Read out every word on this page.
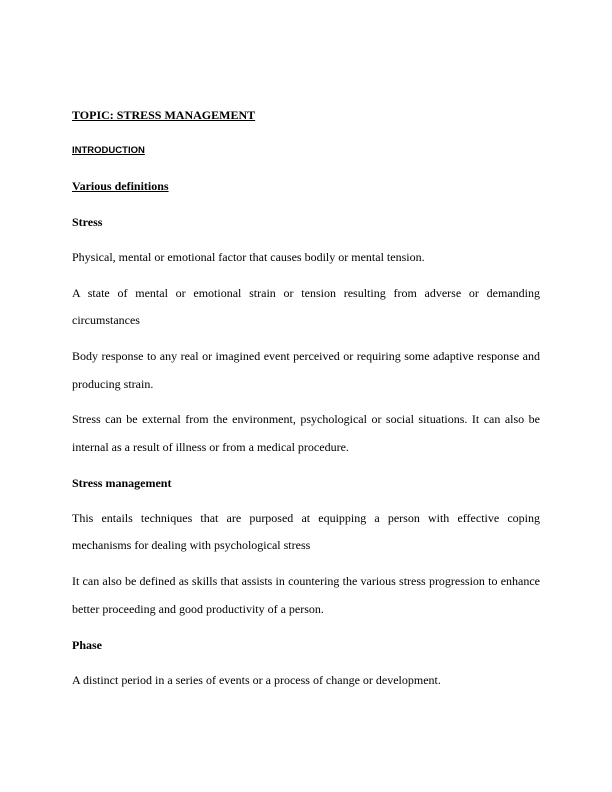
TOPIC: STRESS MANAGEMENT

INTRODUCTION

Various definitions

Stress

Physical, mental or emotional factor that causes bodily or mental tension.

A state of mental or emotional strain or tension resulting from adverse or demanding

circumstances

Body response to any real or imagined event perceived or requiring some adaptive response and

producing strain.

Stress can be external from the environment, psychological or social situations. It can also be

internal as a result of illness or from a medical procedure.

Stress management

This entails techniques that are purposed at equipping a person with effective coping

mechanisms for dealing with psychological stress

It can also be defined as skills that assists in countering the various stress progression to enhance

better proceeding and good productivity of a person.

Phase

A distinct period in a series of events or a process of change or development.
